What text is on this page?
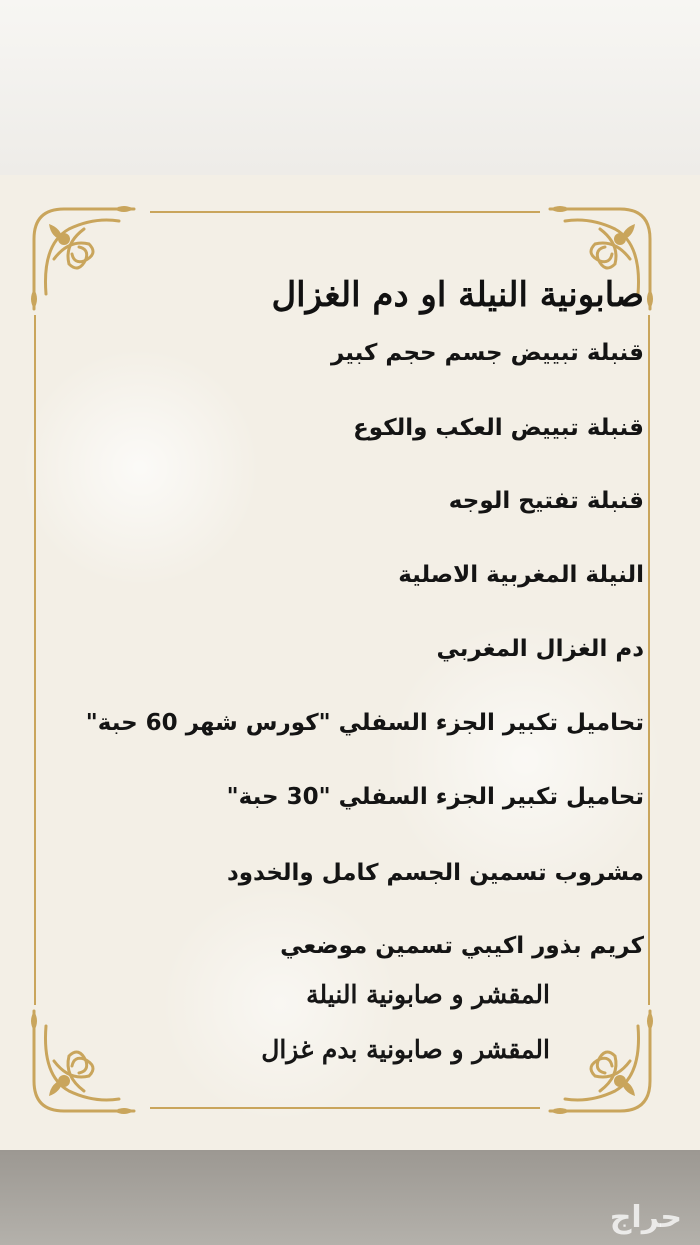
صابونية النيلة او دم الغزال
قنبلة تبييض جسم حجم كبير
قنبلة تبييض العكب والكوع
قنبلة تفتيح الوجه
النيلة المغربية الاصلية
دم الغزال المغربي
تحاميل تكبير الجزء السفلي "كورس شهر 60 حبة"
تحاميل تكبير الجزء السفلي "30 حبة"
مشروب تسمين الجسم كامل والخدود
كريم بذور اكيبي تسمين موضعي
المقشر و صابونية النيلة
المقشر و صابونية بدم غزال
حراج
